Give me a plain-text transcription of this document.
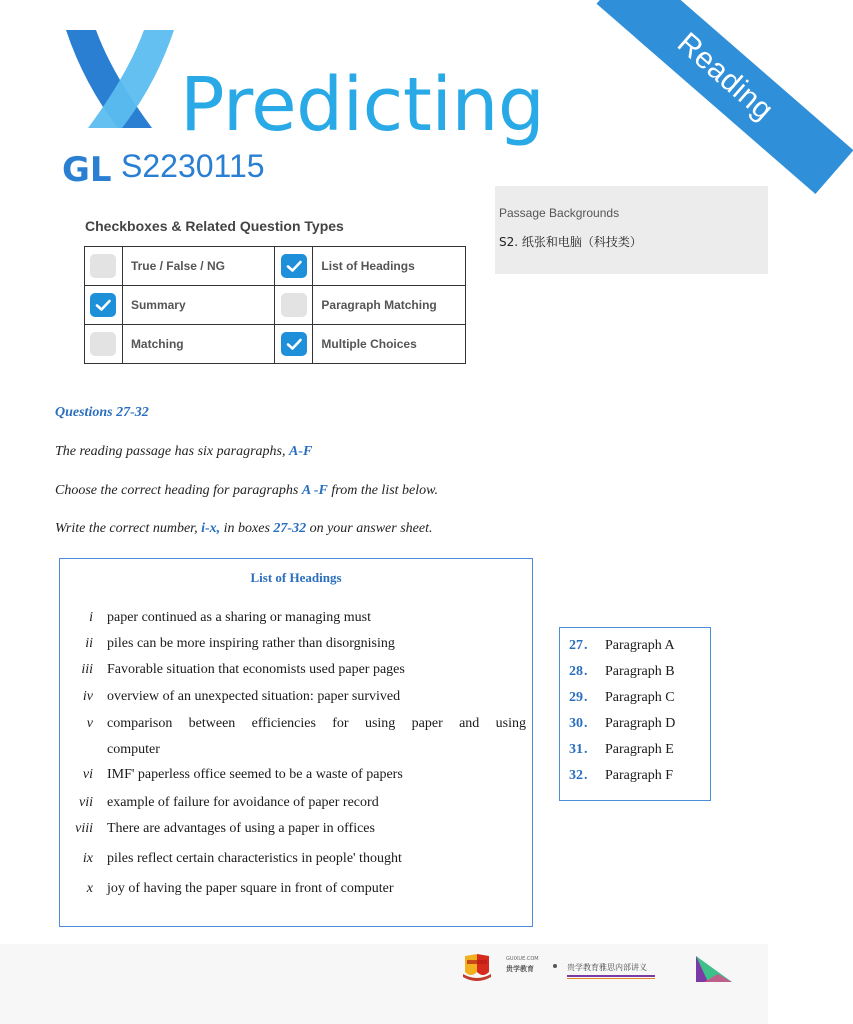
Predicting
GL S2230115
Reading
Passage Backgrounds
S2. 纸张和电脑（科技类）
Checkboxes & Related Question Types
	True / False / NG		List of Headings

	Summary		Paragraph Matching
	Matching		Multiple Choices
Questions 27-32
The reading passage has six paragraphs, A-F
Choose the correct heading for paragraphs A -F from the list below.
Write the correct number, i-x, in boxes 27-32 on your answer sheet.
List of Headings
i paper continued as a sharing or managing must
ii piles can be more inspiring rather than disorgnising
iii Favorable situation that economists used paper pages
iv overview of an unexpected situation: paper survived
v comparison between efficiencies for using paper and using
computer
vi IMF' paperless office seemed to be a waste of papers
vii example of failure for avoidance of paper record
viii There are advantages of using a paper in offices
ix piles reflect certain characteristics in people' thought
x joy of having the paper square in front of computer
27 . Paragraph A
28 . Paragraph B
29 . Paragraph C
30 . Paragraph D
31 . Paragraph E
32 . Paragraph F
GUIXUE.COM
贵学教育	贵学教育雅思内部讲义
